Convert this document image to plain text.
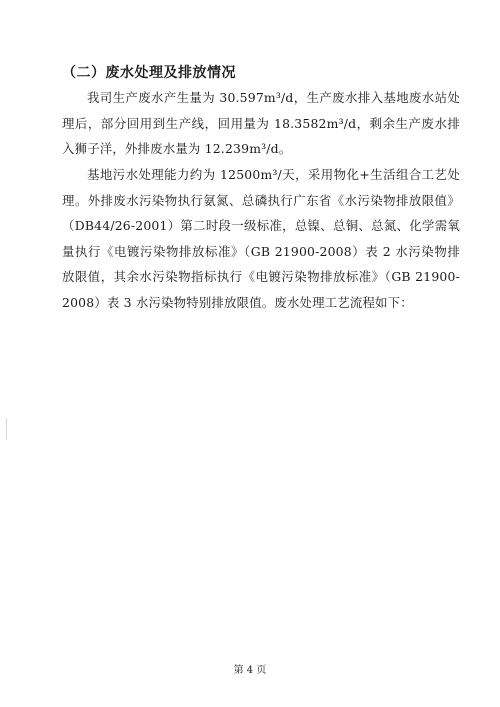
（二）废水处理及排放情况

我司生产废水产生量为 30.597m³/d，生产废水排入基地废水站处理后，部分回用到生产线，回用量为 18.3582m³/d，剩余生产废水排入狮子洋，外排废水量为 12.239m³/d。

基地污水处理能力约为 12500m³/天，采用物化+生活组合工艺处理。外排废水污染物执行氨氮、总磷执行广东省《水污染物排放限值》（DB44/26-2001）第二时段一级标准，总镍、总铜、总氮、化学需氧量执行《电镀污染物排放标准》（GB 21900-2008）表 2 水污染物排放限值，其余水污染物指标执行《电镀污染物排放标准》（GB 21900-2008）表 3 水污染物特别排放限值。废水处理工艺流程如下：

第 4 页
